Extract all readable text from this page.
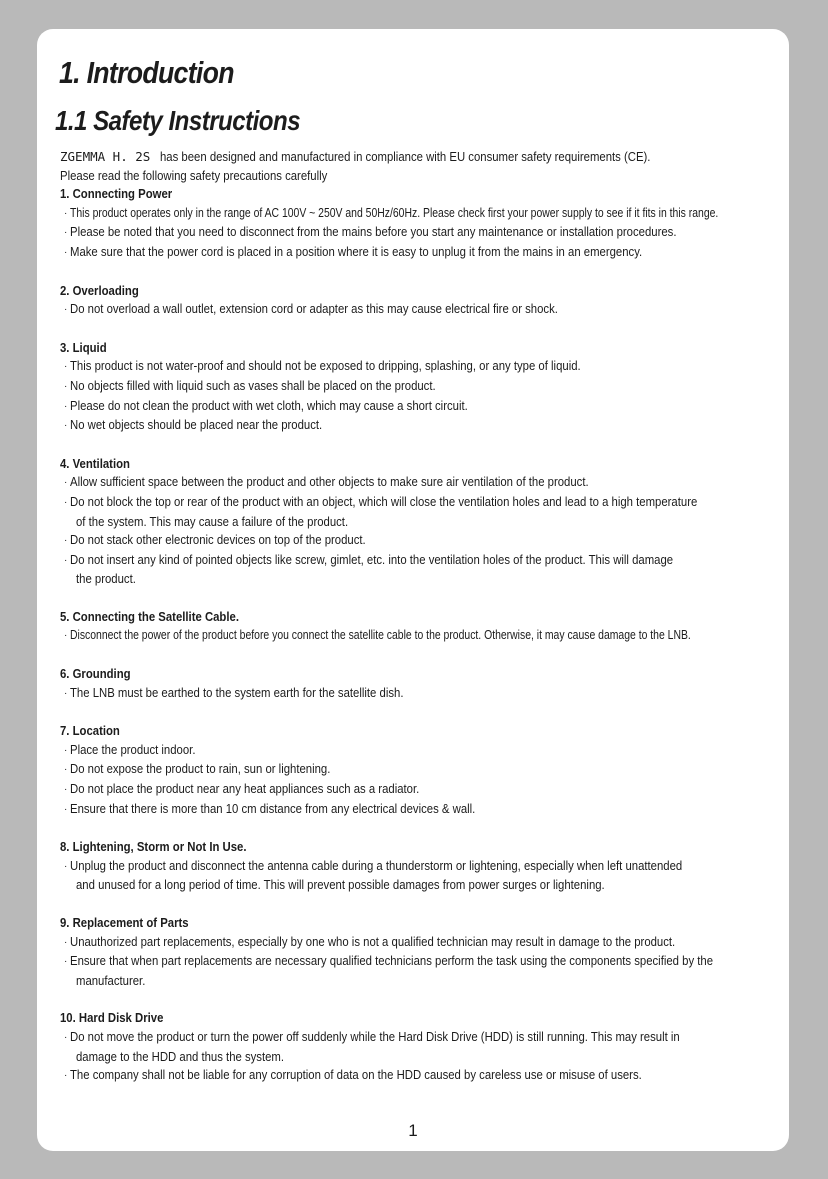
1. Introduction
1.1 Safety Instructions
ZGEMMA H. 2S has been designed and manufactured in compliance with EU consumer safety requirements (CE).
Please read the following safety precautions carefully
1. Connecting Power
· This product operates only in the range of AC 100V ~ 250V and 50Hz/60Hz. Please check first your power supply to see if it fits in this range.
· Please be noted that you need to disconnect from the mains before you start any maintenance or installation procedures.
· Make sure that the power cord is placed in a position where it is easy to unplug it from the mains in an emergency.
2. Overloading
· Do not overload a wall outlet, extension cord or adapter as this may cause electrical fire or shock.
3. Liquid
· This product is not water-proof and should not be exposed to dripping, splashing, or any type of liquid.
· No objects filled with liquid such as vases shall be placed on the product.
· Please do not clean the product with wet cloth, which may cause a short circuit.
· No wet objects should be placed near the product.
4. Ventilation
· Allow sufficient space between the product and other objects to make sure air ventilation of the product.
· Do not block the top or rear of the product with an object, which will close the ventilation holes and lead to a high temperature
of the system. This may cause a failure of the product.
· Do not stack other electronic devices on top of the product.
· Do not insert any kind of pointed objects like screw, gimlet, etc. into the ventilation holes of the product. This will damage
the product.
5. Connecting the Satellite Cable.
· Disconnect the power of the product before you connect the satellite cable to the product. Otherwise, it may cause damage to the LNB.
6. Grounding
· The LNB must be earthed to the system earth for the satellite dish.
7. Location
· Place the product indoor.
· Do not expose the product to rain, sun or lightening.
· Do not place the product near any heat appliances such as a radiator.
· Ensure that there is more than 10 cm distance from any electrical devices & wall.
8. Lightening, Storm or Not In Use.
· Unplug the product and disconnect the antenna cable during a thunderstorm or lightening, especially when left unattended
and unused for a long period of time. This will prevent possible damages from power surges or lightening.
9. Replacement of Parts
· Unauthorized part replacements, especially by one who is not a qualified technician may result in damage to the product.
· Ensure that when part replacements are necessary qualified technicians perform the task using the components specified by the
manufacturer.
10. Hard Disk Drive
· Do not move the product or turn the power off suddenly while the Hard Disk Drive (HDD) is still running. This may result in
damage to the HDD and thus the system.
· The company shall not be liable for any corruption of data on the HDD caused by careless use or misuse of users.
1
